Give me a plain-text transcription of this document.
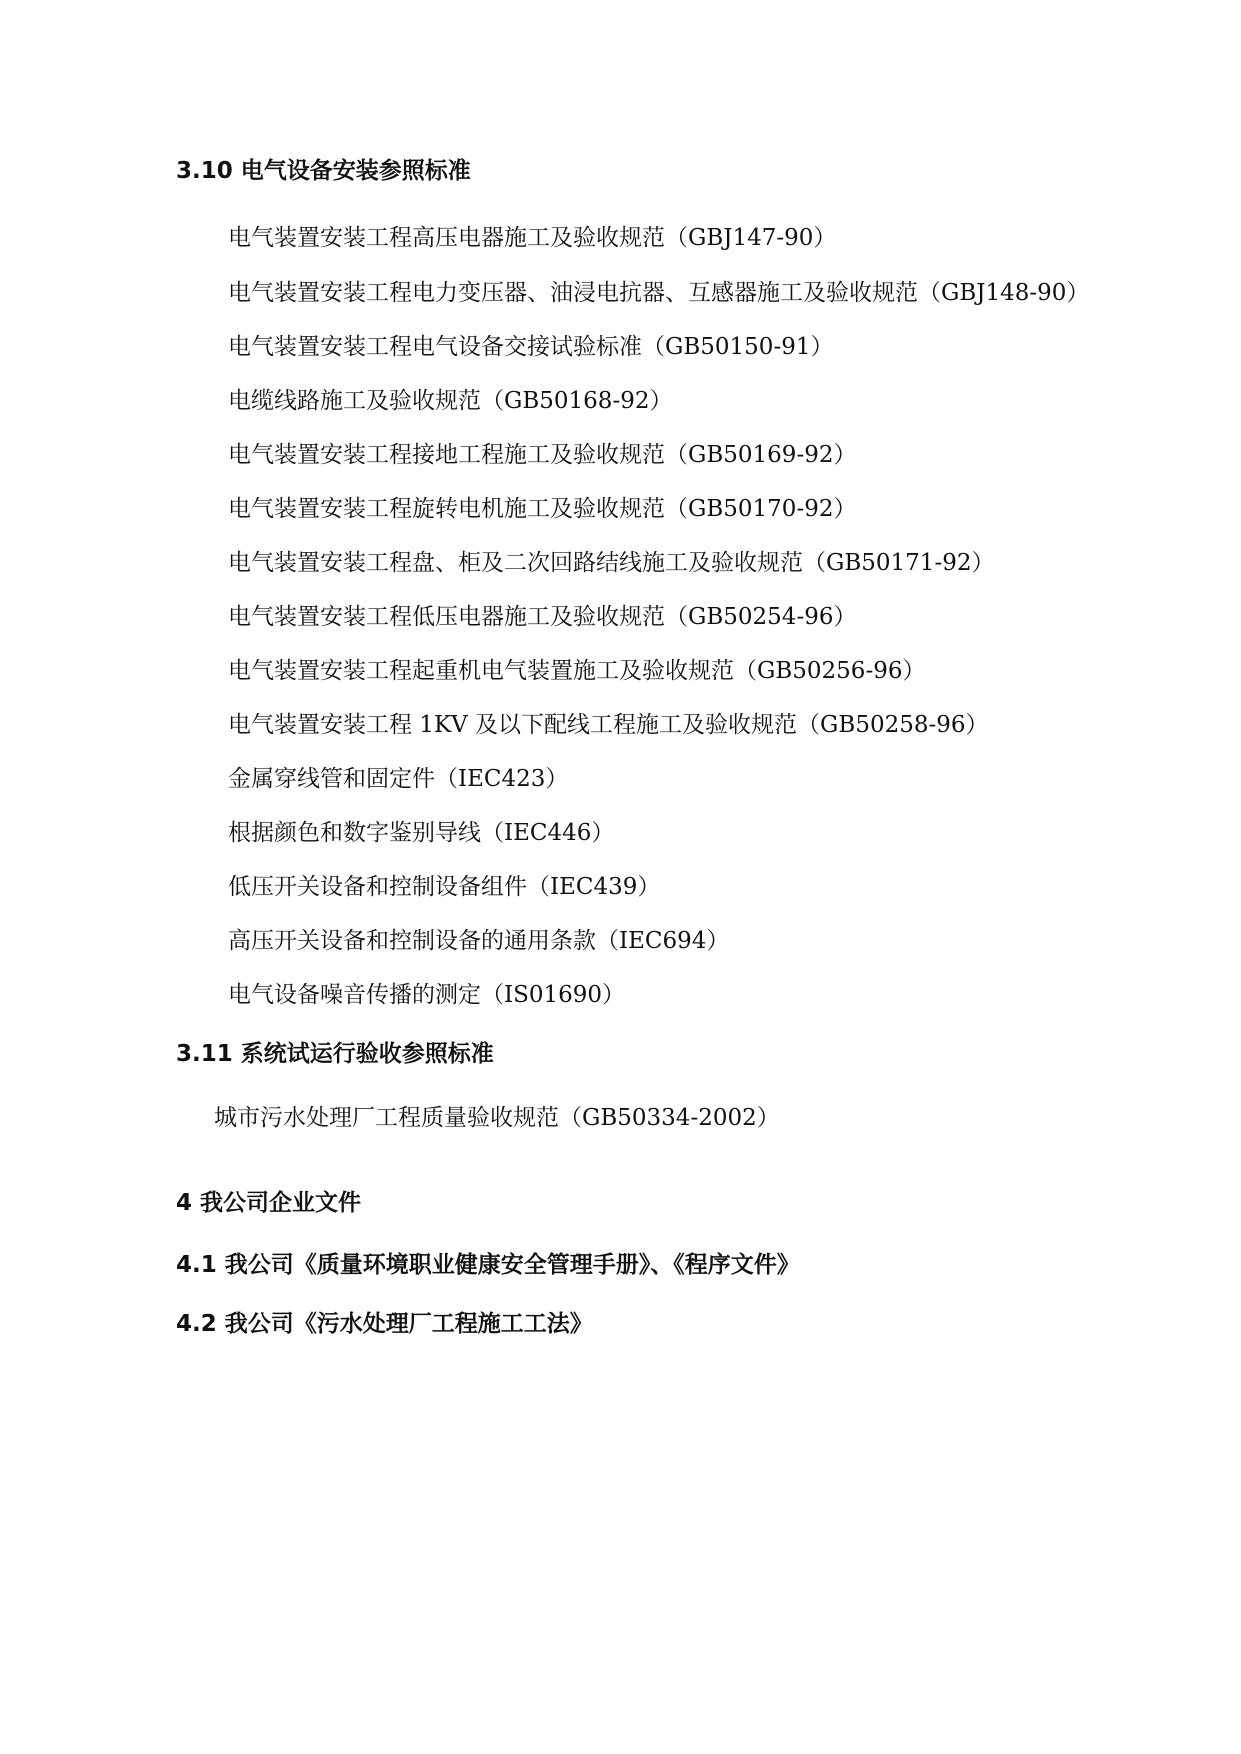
3.10 电气设备安装参照标准
电气装置安装工程高压电器施工及验收规范（GBJ147-90）
电气装置安装工程电力变压器、油浸电抗器、互感器施工及验收规范（GBJ148-90）
电气装置安装工程电气设备交接试验标准（GB50150-91）
电缆线路施工及验收规范（GB50168-92）
电气装置安装工程接地工程施工及验收规范（GB50169-92）
电气装置安装工程旋转电机施工及验收规范（GB50170-92）
电气装置安装工程盘、柜及二次回路结线施工及验收规范（GB50171-92）
电气装置安装工程低压电器施工及验收规范（GB50254-96）
电气装置安装工程起重机电气装置施工及验收规范（GB50256-96）
电气装置安装工程 1KV 及以下配线工程施工及验收规范（GB50258-96）
金属穿线管和固定件（IEC423）
根据颜色和数字鉴别导线（IEC446）
低压开关设备和控制设备组件（IEC439）
高压开关设备和控制设备的通用条款（IEC694）
电气设备噪音传播的测定（IS01690）
3.11 系统试运行验收参照标准
城市污水处理厂工程质量验收规范（GB50334-2002）
4 我公司企业文件
4.1 我公司《质量环境职业健康安全管理手册》、《程序文件》
4.2 我公司《污水处理厂工程施工工法》
